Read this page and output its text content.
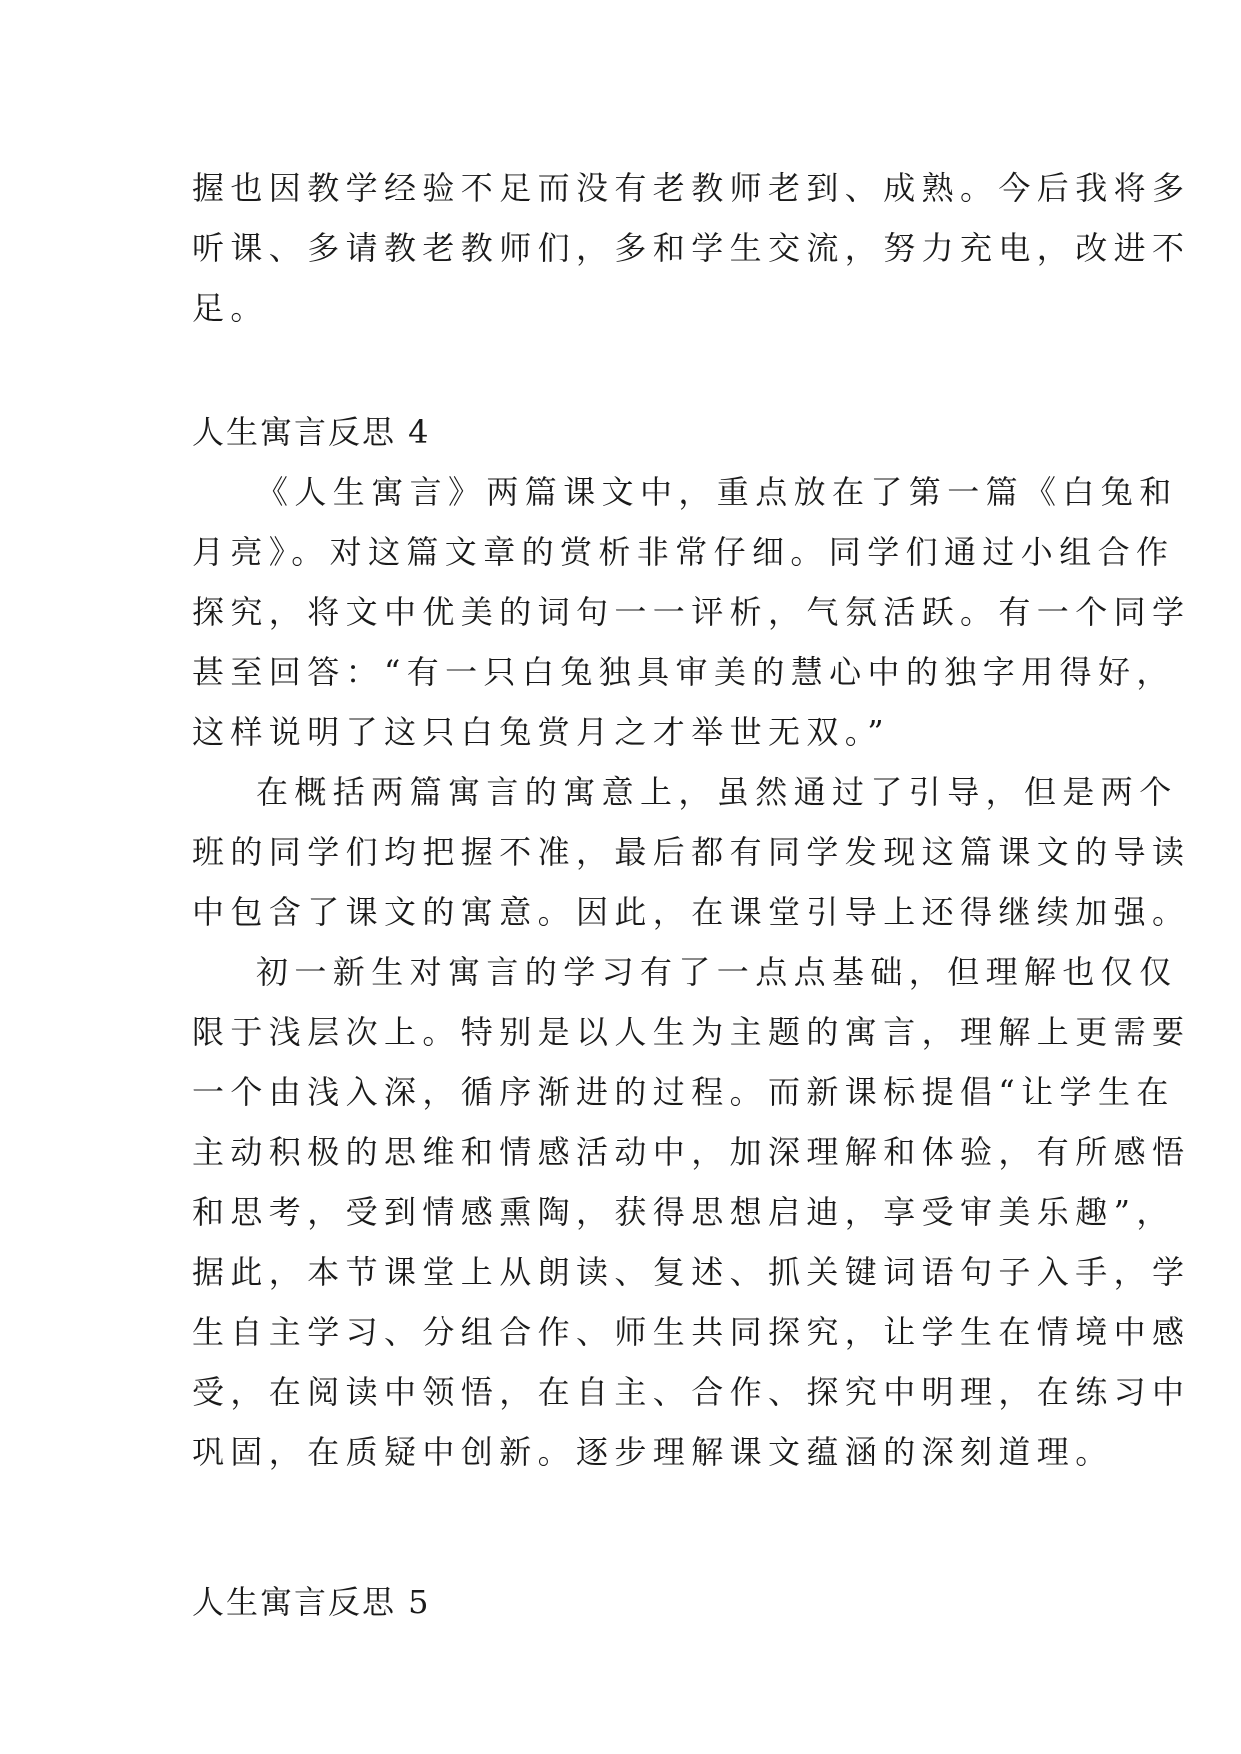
握也因教学经验不足而没有老教师老到、成熟。今后我将多
听课、多请教老教师们，多和学生交流，努力充电，改进不
足。
人生寓言反思 4
《人生寓言》两篇课文中，重点放在了第一篇《白兔和
月亮》。对这篇文章的赏析非常仔细。同学们通过小组合作
探究，将文中优美的词句一一评析，气氛活跃。有一个同学
甚至回答：“有一只白兔独具审美的慧心中的独字用得好，
这样说明了这只白兔赏月之才举世无双。”
在概括两篇寓言的寓意上，虽然通过了引导，但是两个
班的同学们均把握不准，最后都有同学发现这篇课文的导读
中包含了课文的寓意。因此，在课堂引导上还得继续加强。
初一新生对寓言的学习有了一点点基础，但理解也仅仅
限于浅层次上。特别是以人生为主题的寓言，理解上更需要
一个由浅入深，循序渐进的过程。而新课标提倡“让学生在
主动积极的思维和情感活动中，加深理解和体验，有所感悟
和思考，受到情感熏陶，获得思想启迪，享受审美乐趣”，
据此，本节课堂上从朗读、复述、抓关键词语句子入手，学
生自主学习、分组合作、师生共同探究，让学生在情境中感
受，在阅读中领悟，在自主、合作、探究中明理，在练习中
巩固，在质疑中创新。逐步理解课文蕴涵的深刻道理。
人生寓言反思 5
